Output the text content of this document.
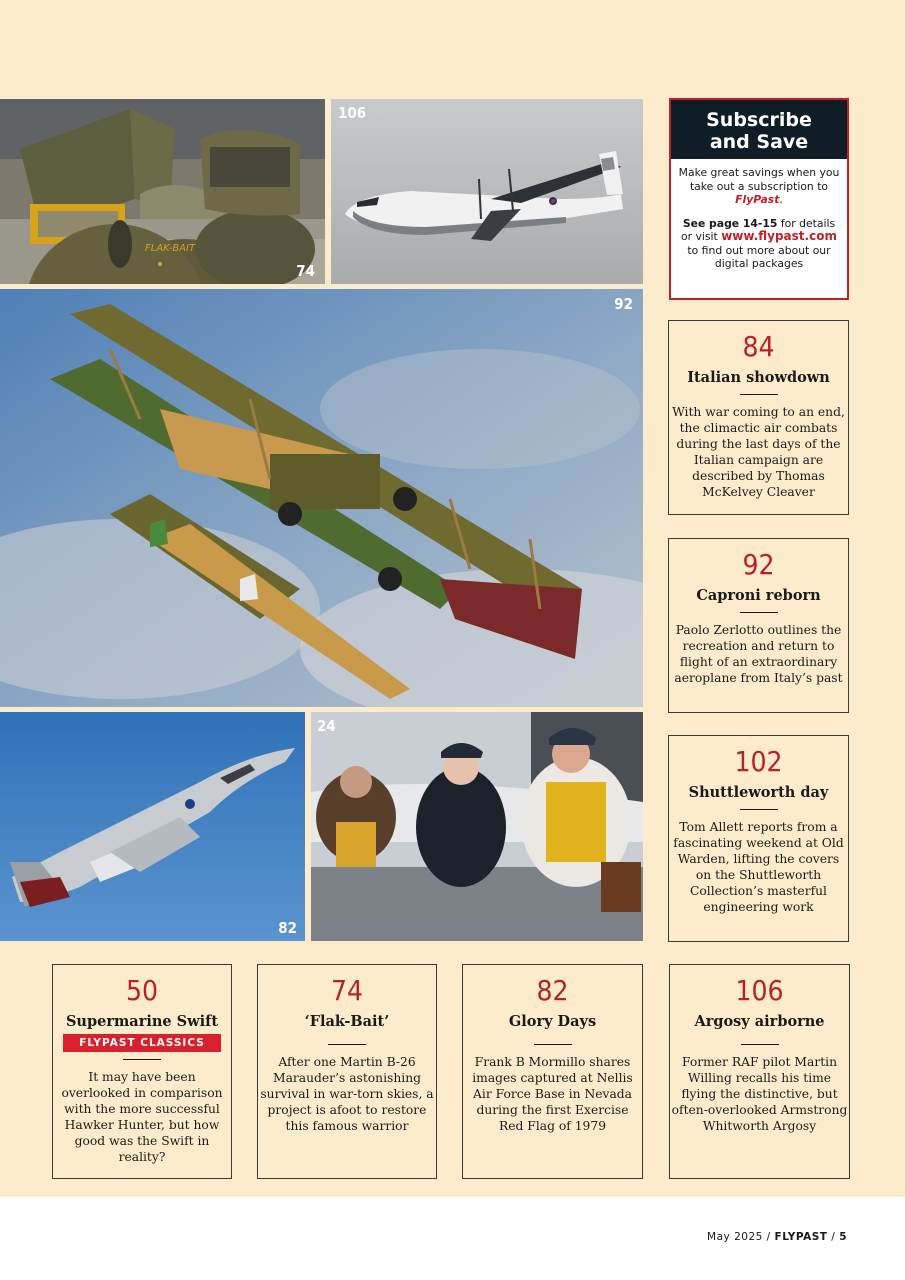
FLAK-BAIT
74
106
92
82
24
Subscribe
and Save
Make great savings when you take out a subscription to FlyPast.
See page 14-15 for details or visit www.flypast.com to find out more about our digital packages
84
Italian showdown
With war coming to an end, the climactic air combats during the last days of the Italian campaign are described by Thomas McKelvey Cleaver
92
Caproni reborn
Paolo Zerlotto outlines the recreation and return to flight of an extraordinary aeroplane from Italy’s past
102
Shuttleworth day
Tom Allett reports from a fascinating weekend at Old Warden, lifting the covers on the Shuttleworth Collection’s masterful engineering work
50
Supermarine Swift
FLYPAST CLASSICS
It may have been overlooked in comparison with the more successful Hawker Hunter, but how good was the Swift in reality?
74
‘Flak-Bait’
After one Martin B-26 Marauder’s astonishing survival in war-torn skies, a project is afoot to restore this famous warrior
82
Glory Days
Frank B Mormillo shares images captured at Nellis Air Force Base in Nevada during the first Exercise Red Flag of 1979
106
Argosy airborne
Former RAF pilot Martin Willing recalls his time flying the distinctive, but often-overlooked Armstrong Whitworth Argosy
May 2025 / FLYPAST / 5
